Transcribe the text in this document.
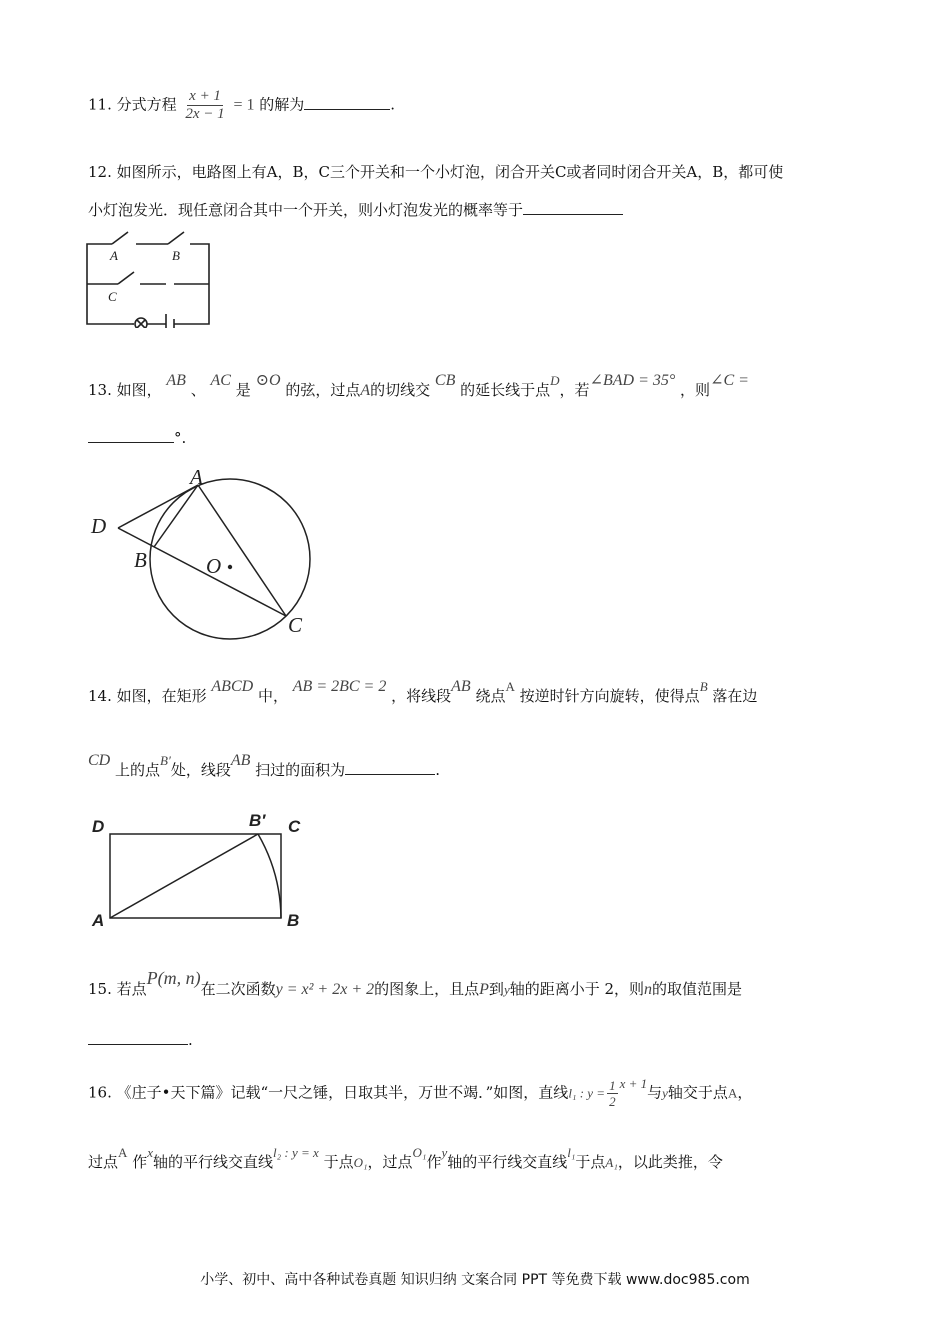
11. 分式方程 $\frac{x + 1}{2x - 1} = 1$ 的解为	.
12. 如图所示，电路图上有A，B，C三个开关和一个小灯泡，闭合开关C或者同时闭合开关A，B，都可使
小灯泡发光．现任意闭合其中一个开关，则小灯泡发光的概率等于
A	B
C
13. 如图， AB 、 AC 是 ⊙O 的弦，过点A的切线交 CB 的延长线于点D，若∠BAD = 35° ，则∠C =
°.
A
D
B	O
C
14. 如图，在矩形 ABCD 中， AB = 2BC = 2 ，将线段AB 绕点A 按逆时针方向旋转，使得点B 落在边
CD 上的点B′处，线段AB 扫过的面积为	.
D	B′ C
A	B
15. 若点P(m, n)在二次函数y = x² + 2x + 2的图象上，且点P到y轴的距离小于 2，则n的取值范围是
.
16. 《庄子•天下篇》记载“一尺之锤，日取其半，万世不竭．”如图，直线l₁ : $y = \frac{1}{2}$ x + 1与y轴交于点A，
过点A 作x轴的平行线交直线l₂ : y = x 于点O₁，过点O₁作y轴的平行线交直线l₁于点A₁，以此类推，令
小学、初中、高中各种试卷真题 知识归纳 文案合同 PPT 等免费下载 www.doc985.com
